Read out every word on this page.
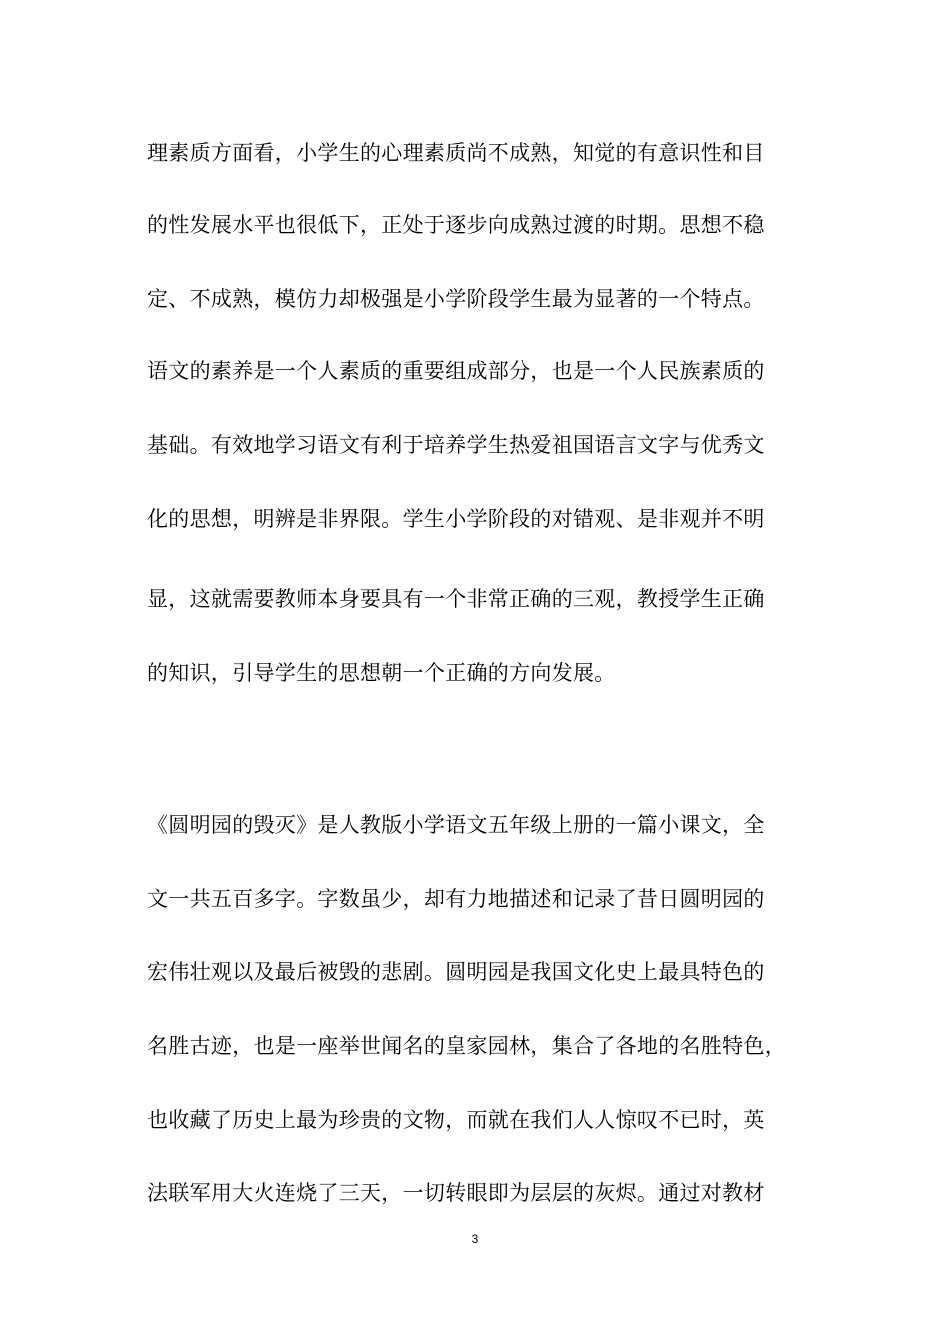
理素质方面看，小学生的心理素质尚不成熟，知觉的有意识性和目
的性发展水平也很低下，正处于逐步向成熟过渡的时期。思想不稳
定、不成熟，模仿力却极强是小学阶段学生最为显著的一个特点。
语文的素养是一个人素质的重要组成部分，也是一个人民族素质的
基础。有效地学习语文有利于培养学生热爱祖国语言文字与优秀文
化的思想，明辨是非界限。学生小学阶段的对错观、是非观并不明
显，这就需要教师本身要具有一个非常正确的三观，教授学生正确
的知识，引导学生的思想朝一个正确的方向发展。
《圆明园的毁灭》是人教版小学语文五年级上册的一篇小课文，全
文一共五百多字。字数虽少，却有力地描述和记录了昔日圆明园的
宏伟壮观以及最后被毁的悲剧。圆明园是我国文化史上最具特色的
名胜古迹，也是一座举世闻名的皇家园林，集合了各地的名胜特色，
也收藏了历史上最为珍贵的文物，而就在我们人人惊叹不已时，英
法联军用大火连烧了三天，一切转眼即为层层的灰烬。通过对教材
3
